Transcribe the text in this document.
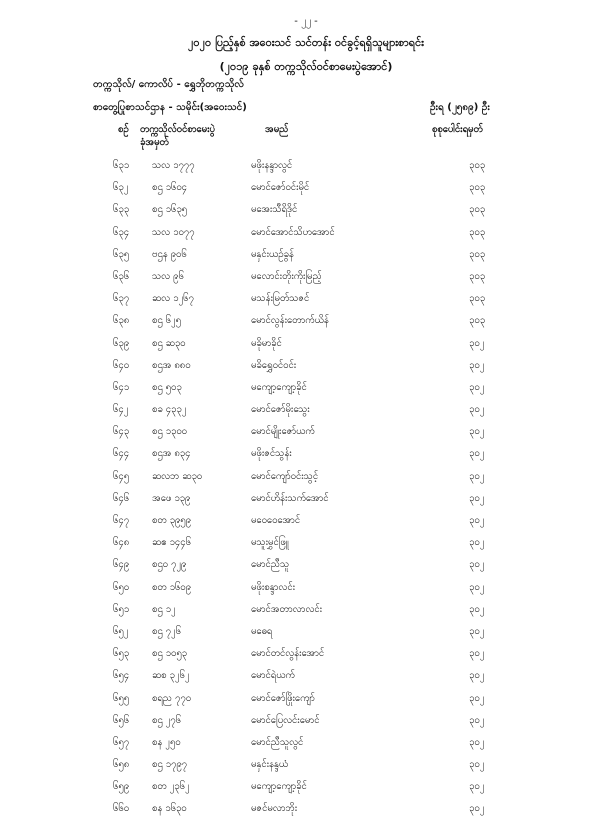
- ၂၂ -
၂၀၂၀ ပြည့်နှစ် အဝေးသင် သင်တန်း ဝင်ခွင့်ရရှိသူများစာရင်း
(၂၀၁၉ ခုနှစ် တက္ကသိုလ်ဝင်စာမေးပွဲအောင်)
တက္ကသိုလ်/ ကောလိပ် - ရွှေဘိုတက္ကသိုလ်
စာတွေ့ပြုစာသင်ဌာန - သမိုင်း(အဝေးသင်)	ဦးရ (၂၅၈၉) ဦး
စဉ် တက္ကသိုလ်ဝင်စာမေးပွဲ
ခုံအမှတ်
အမည်	စုစုပေါင်းရမှတ်
၆၃၁ သလ ၁၇၇၇	မဖိုးနန္ဒာလွင်	၃၀၃
၆၃၂ စဌ ၁၆၀၄	မောင်ဇော်ဝင်းမိုင်	၃၀၃
၆၃၃ စဌ ၁၆၃၅	မအေးသီရိဒိုင်	၃၀၃
၆၃၄ သလ ၁၀၇၇	မောင်အောင်သိဟအောင်	၃၀၃
၆၃၅ ဗဌန ၉၀၆	မနှင်းယဉ်ခွန်	၃၀၃
၆၃၆ သလ ၉၆	မလောင်းတိုးကိုးမြည့်	၃၀၃
၆၃၇ ဆလ ၁၂၆၇	မသန်းမြတ်သဇင်	၃၀၃
၆၃၈ စဌ ၆၂၅	မောင်လွန်းတောက်ယိန်	၃၀၃
၆၃၉ စဌ ဆ၃၀	မခိုမာခိုင်	၃၀၂
၆၄၀ စဌအ ၈၈၀	မခိရွှေဝင်ဝင်း	၃၀၂
၆၄၁ စဌ ၅၀၃	မကျော့ကျော့ခိုင်	၃၀၂
၆၄၂ စခ ၄၃၃၂	မောင်ဇော်မိုးသွေး	၃၀၂
၆၄၃ စဌ ၁၃၀၀	မောင်မျိုးဇော်ယက်	၃၀၂
၆၄၄ စဌအ ၈၃၄	မဖိုးဇင်သွန်း	၃၀၂
၆၄၅ ဆလဘ ဆ၃၀	မောင်ကျော်ဝင်းသွင့်	၃၀၂
၆၄၆ အဖေ ၁၃၉	မောင်ဟိန်းသက်အောင်	၃၀၂
၆၄၇ စတ ၃၉၅၉	မဝေဝေအောင်	၃၀၂
၆၄၈ ဆဧ ၁၄၄၆	မသူးမွှင်ဖြူ	၃၀၂
၆၄၉ စဌ၀ ၇၂၉	မောင်ညီသူ	၃၀၂
၆၅၀ စတ ၁၆၀၉	မဖိုးစန္ဒာလင်း	၃၀၂
၆၅၁ စဌ ၁၂	မောင်အတာလာလင်း	၃၀၂
၆၅၂ စဌ ၇၂၆	မဓေရ	၃၀၂
၆၅၃ စဌ ၁၀၅၃	မောင်တင်လွန်းအောင်	၃၀၂
၆၅၄ ဆစ ၃၂၆၂	မောင်ရဲယက်	၃၀၂
၆၅၅ စရည ၇၇၀	မောင်ဇော်ဖြိုးကျော်	၃၀၂
၆၅၆ စဌ ၂၇၆	မောင်ပြေလင်းမောင်	၃၀၂
၆၅၇ စန ၂၅၀	မောင်ညီသူလွင်	၃၀၂
၆၅၈ စဌ ၁၇၉၇	မနှင်းနန္ဒယံ	၃၀၂
၆၅၉ စတ ၂၃၆၂	မကျော့ကျော့ခိုင်	၃၀၂
၆၆၀ စန ၁၆၃၀	မဇင်မလာဘိုး	၃၀၂
